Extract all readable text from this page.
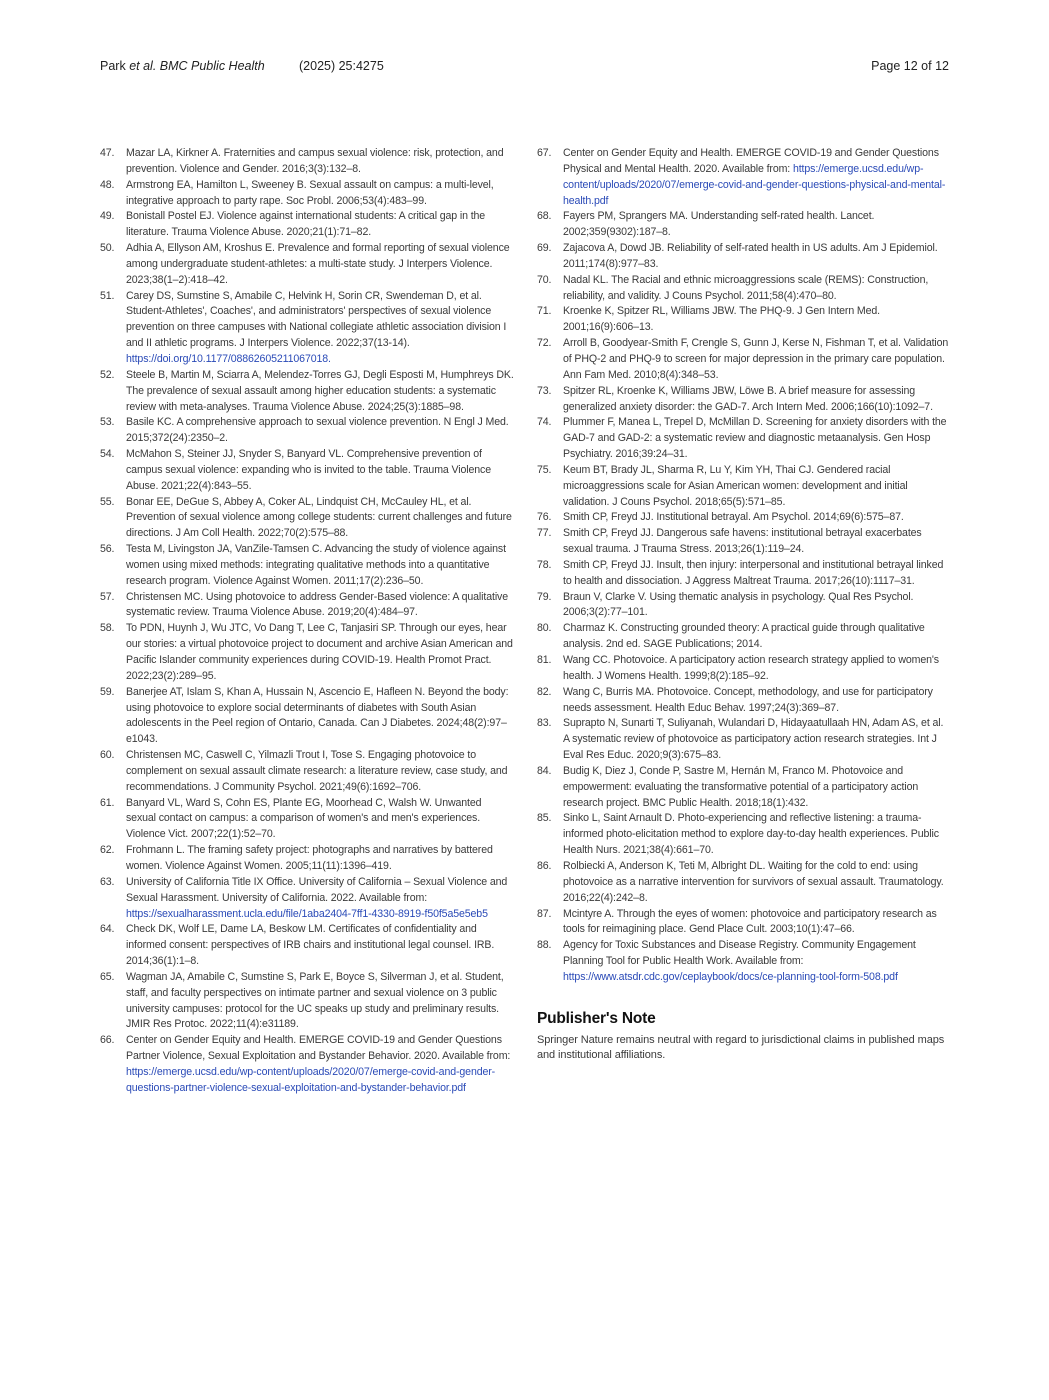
Park et al. BMC Public Health	(2025) 25:4275	Page 12 of 12
47. Mazar LA, Kirkner A. Fraternities and campus sexual violence: risk, protection, and prevention. Violence and Gender. 2016;3(3):132–8.
48. Armstrong EA, Hamilton L, Sweeney B. Sexual assault on campus: a multi-level, integrative approach to party rape. Soc Probl. 2006;53(4):483–99.
49. Bonistall Postel EJ. Violence against international students: A critical gap in the literature. Trauma Violence Abuse. 2020;21(1):71–82.
50. Adhia A, Ellyson AM, Kroshus E. Prevalence and formal reporting of sexual violence among undergraduate student-athletes: a multi-state study. J Interpers Violence. 2023;38(1–2):418–42.
51. Carey DS, Sumstine S, Amabile C, Helvink H, Sorin CR, Swendeman D, et al. Student-Athletes', Coaches', and administrators' perspectives of sexual violence prevention on three campuses with National collegiate athletic association division I and II athletic programs. J Interpers Violence. 2022;37(13-14). https://doi.org/10.1177/08862605211067018.
52. Steele B, Martin M, Sciarra A, Melendez-Torres GJ, Degli Esposti M, Humphreys DK. The prevalence of sexual assault among higher education students: a systematic review with meta-analyses. Trauma Violence Abuse. 2024;25(3):1885–98.
53. Basile KC. A comprehensive approach to sexual violence prevention. N Engl J Med. 2015;372(24):2350–2.
54. McMahon S, Steiner JJ, Snyder S, Banyard VL. Comprehensive prevention of campus sexual violence: expanding who is invited to the table. Trauma Violence Abuse. 2021;22(4):843–55.
55. Bonar EE, DeGue S, Abbey A, Coker AL, Lindquist CH, McCauley HL, et al. Prevention of sexual violence among college students: current challenges and future directions. J Am Coll Health. 2022;70(2):575–88.
56. Testa M, Livingston JA, VanZile-Tamsen C. Advancing the study of violence against women using mixed methods: integrating qualitative methods into a quantitative research program. Violence Against Women. 2011;17(2):236–50.
57. Christensen MC. Using photovoice to address Gender-Based violence: A qualitative systematic review. Trauma Violence Abuse. 2019;20(4):484–97.
58. To PDN, Huynh J, Wu JTC, Vo Dang T, Lee C, Tanjasiri SP. Through our eyes, hear our stories: a virtual photovoice project to document and archive Asian American and Pacific Islander community experiences during COVID-19. Health Promot Pract. 2022;23(2):289–95.
59. Banerjee AT, Islam S, Khan A, Hussain N, Ascencio E, Hafleen N. Beyond the body: using photovoice to explore social determinants of diabetes with South Asian adolescents in the Peel region of Ontario, Canada. Can J Diabetes. 2024;48(2):97–e1043.
60. Christensen MC, Caswell C, Yilmazli Trout I, Tose S. Engaging photovoice to complement on sexual assault climate research: a literature review, case study, and recommendations. J Community Psychol. 2021;49(6):1692–706.
61. Banyard VL, Ward S, Cohn ES, Plante EG, Moorhead C, Walsh W. Unwanted sexual contact on campus: a comparison of women's and men's experiences. Violence Vict. 2007;22(1):52–70.
62. Frohmann L. The framing safety project: photographs and narratives by battered women. Violence Against Women. 2005;11(11):1396–419.
63. University of California Title IX Office. University of California – Sexual Violence and Sexual Harassment. University of California. 2022. Available from: https://sexualharassment.ucla.edu/file/1aba2404-7ff1-4330-8919-f50f5a5e5eb5
64. Check DK, Wolf LE, Dame LA, Beskow LM. Certificates of confidentiality and informed consent: perspectives of IRB chairs and institutional legal counsel. IRB. 2014;36(1):1–8.
65. Wagman JA, Amabile C, Sumstine S, Park E, Boyce S, Silverman J, et al. Student, staff, and faculty perspectives on intimate partner and sexual violence on 3 public university campuses: protocol for the UC speaks up study and preliminary results. JMIR Res Protoc. 2022;11(4):e31189.
66. Center on Gender Equity and Health. EMERGE COVID-19 and Gender Questions Partner Violence, Sexual Exploitation and Bystander Behavior. 2020. Available from: https://emerge.ucsd.edu/wp-content/uploads/2020/07/emerge-covid-and-gender-questions-partner-violence-sexual-exploitation-and-bystander-behavior.pdf
67. Center on Gender Equity and Health. EMERGE COVID-19 and Gender Questions Physical and Mental Health. 2020. Available from: https://emerge.ucsd.edu/wp-content/uploads/2020/07/emerge-covid-and-gender-questions-physical-and-mental-health.pdf
68. Fayers PM, Sprangers MA. Understanding self-rated health. Lancet. 2002;359(9302):187–8.
69. Zajacova A, Dowd JB. Reliability of self-rated health in US adults. Am J Epidemiol. 2011;174(8):977–83.
70. Nadal KL. The Racial and ethnic microaggressions scale (REMS): Construction, reliability, and validity. J Couns Psychol. 2011;58(4):470–80.
71. Kroenke K, Spitzer RL, Williams JBW. The PHQ-9. J Gen Intern Med. 2001;16(9):606–13.
72. Arroll B, Goodyear-Smith F, Crengle S, Gunn J, Kerse N, Fishman T, et al. Validation of PHQ-2 and PHQ-9 to screen for major depression in the primary care population. Ann Fam Med. 2010;8(4):348–53.
73. Spitzer RL, Kroenke K, Williams JBW, Löwe B. A brief measure for assessing generalized anxiety disorder: the GAD-7. Arch Intern Med. 2006;166(10):1092–7.
74. Plummer F, Manea L, Trepel D, McMillan D. Screening for anxiety disorders with the GAD-7 and GAD-2: a systematic review and diagnostic metaanalysis. Gen Hosp Psychiatry. 2016;39:24–31.
75. Keum BT, Brady JL, Sharma R, Lu Y, Kim YH, Thai CJ. Gendered racial microaggressions scale for Asian American women: development and initial validation. J Couns Psychol. 2018;65(5):571–85.
76. Smith CP, Freyd JJ. Institutional betrayal. Am Psychol. 2014;69(6):575–87.
77. Smith CP, Freyd JJ. Dangerous safe havens: institutional betrayal exacerbates sexual trauma. J Trauma Stress. 2013;26(1):119–24.
78. Smith CP, Freyd JJ. Insult, then injury: interpersonal and institutional betrayal linked to health and dissociation. J Aggress Maltreat Trauma. 2017;26(10):1117–31.
79. Braun V, Clarke V. Using thematic analysis in psychology. Qual Res Psychol. 2006;3(2):77–101.
80. Charmaz K. Constructing grounded theory: A practical guide through qualitative analysis. 2nd ed. SAGE Publications; 2014.
81. Wang CC. Photovoice. A participatory action research strategy applied to women's health. J Womens Health. 1999;8(2):185–92.
82. Wang C, Burris MA. Photovoice. Concept, methodology, and use for participatory needs assessment. Health Educ Behav. 1997;24(3):369–87.
83. Suprapto N, Sunarti T, Suliyanah, Wulandari D, Hidayaatullaah HN, Adam AS, et al. A systematic review of photovoice as participatory action research strategies. Int J Eval Res Educ. 2020;9(3):675–83.
84. Budig K, Diez J, Conde P, Sastre M, Hernán M, Franco M. Photovoice and empowerment: evaluating the transformative potential of a participatory action research project. BMC Public Health. 2018;18(1):432.
85. Sinko L, Saint Arnault D. Photo-experiencing and reflective listening: a trauma-informed photo-elicitation method to explore day-to-day health experiences. Public Health Nurs. 2021;38(4):661–70.
86. Rolbiecki A, Anderson K, Teti M, Albright DL. Waiting for the cold to end: using photovoice as a narrative intervention for survivors of sexual assault. Traumatology. 2016;22(4):242–8.
87. Mcintyre A. Through the eyes of women: photovoice and participatory research as tools for reimagining place. Gend Place Cult. 2003;10(1):47–66.
88. Agency for Toxic Substances and Disease Registry. Community Engagement Planning Tool for Public Health Work. Available from: https://www.atsdr.cdc.gov/ceplaybook/docs/ce-planning-tool-form-508.pdf
Publisher's Note
Springer Nature remains neutral with regard to jurisdictional claims in published maps and institutional affiliations.
